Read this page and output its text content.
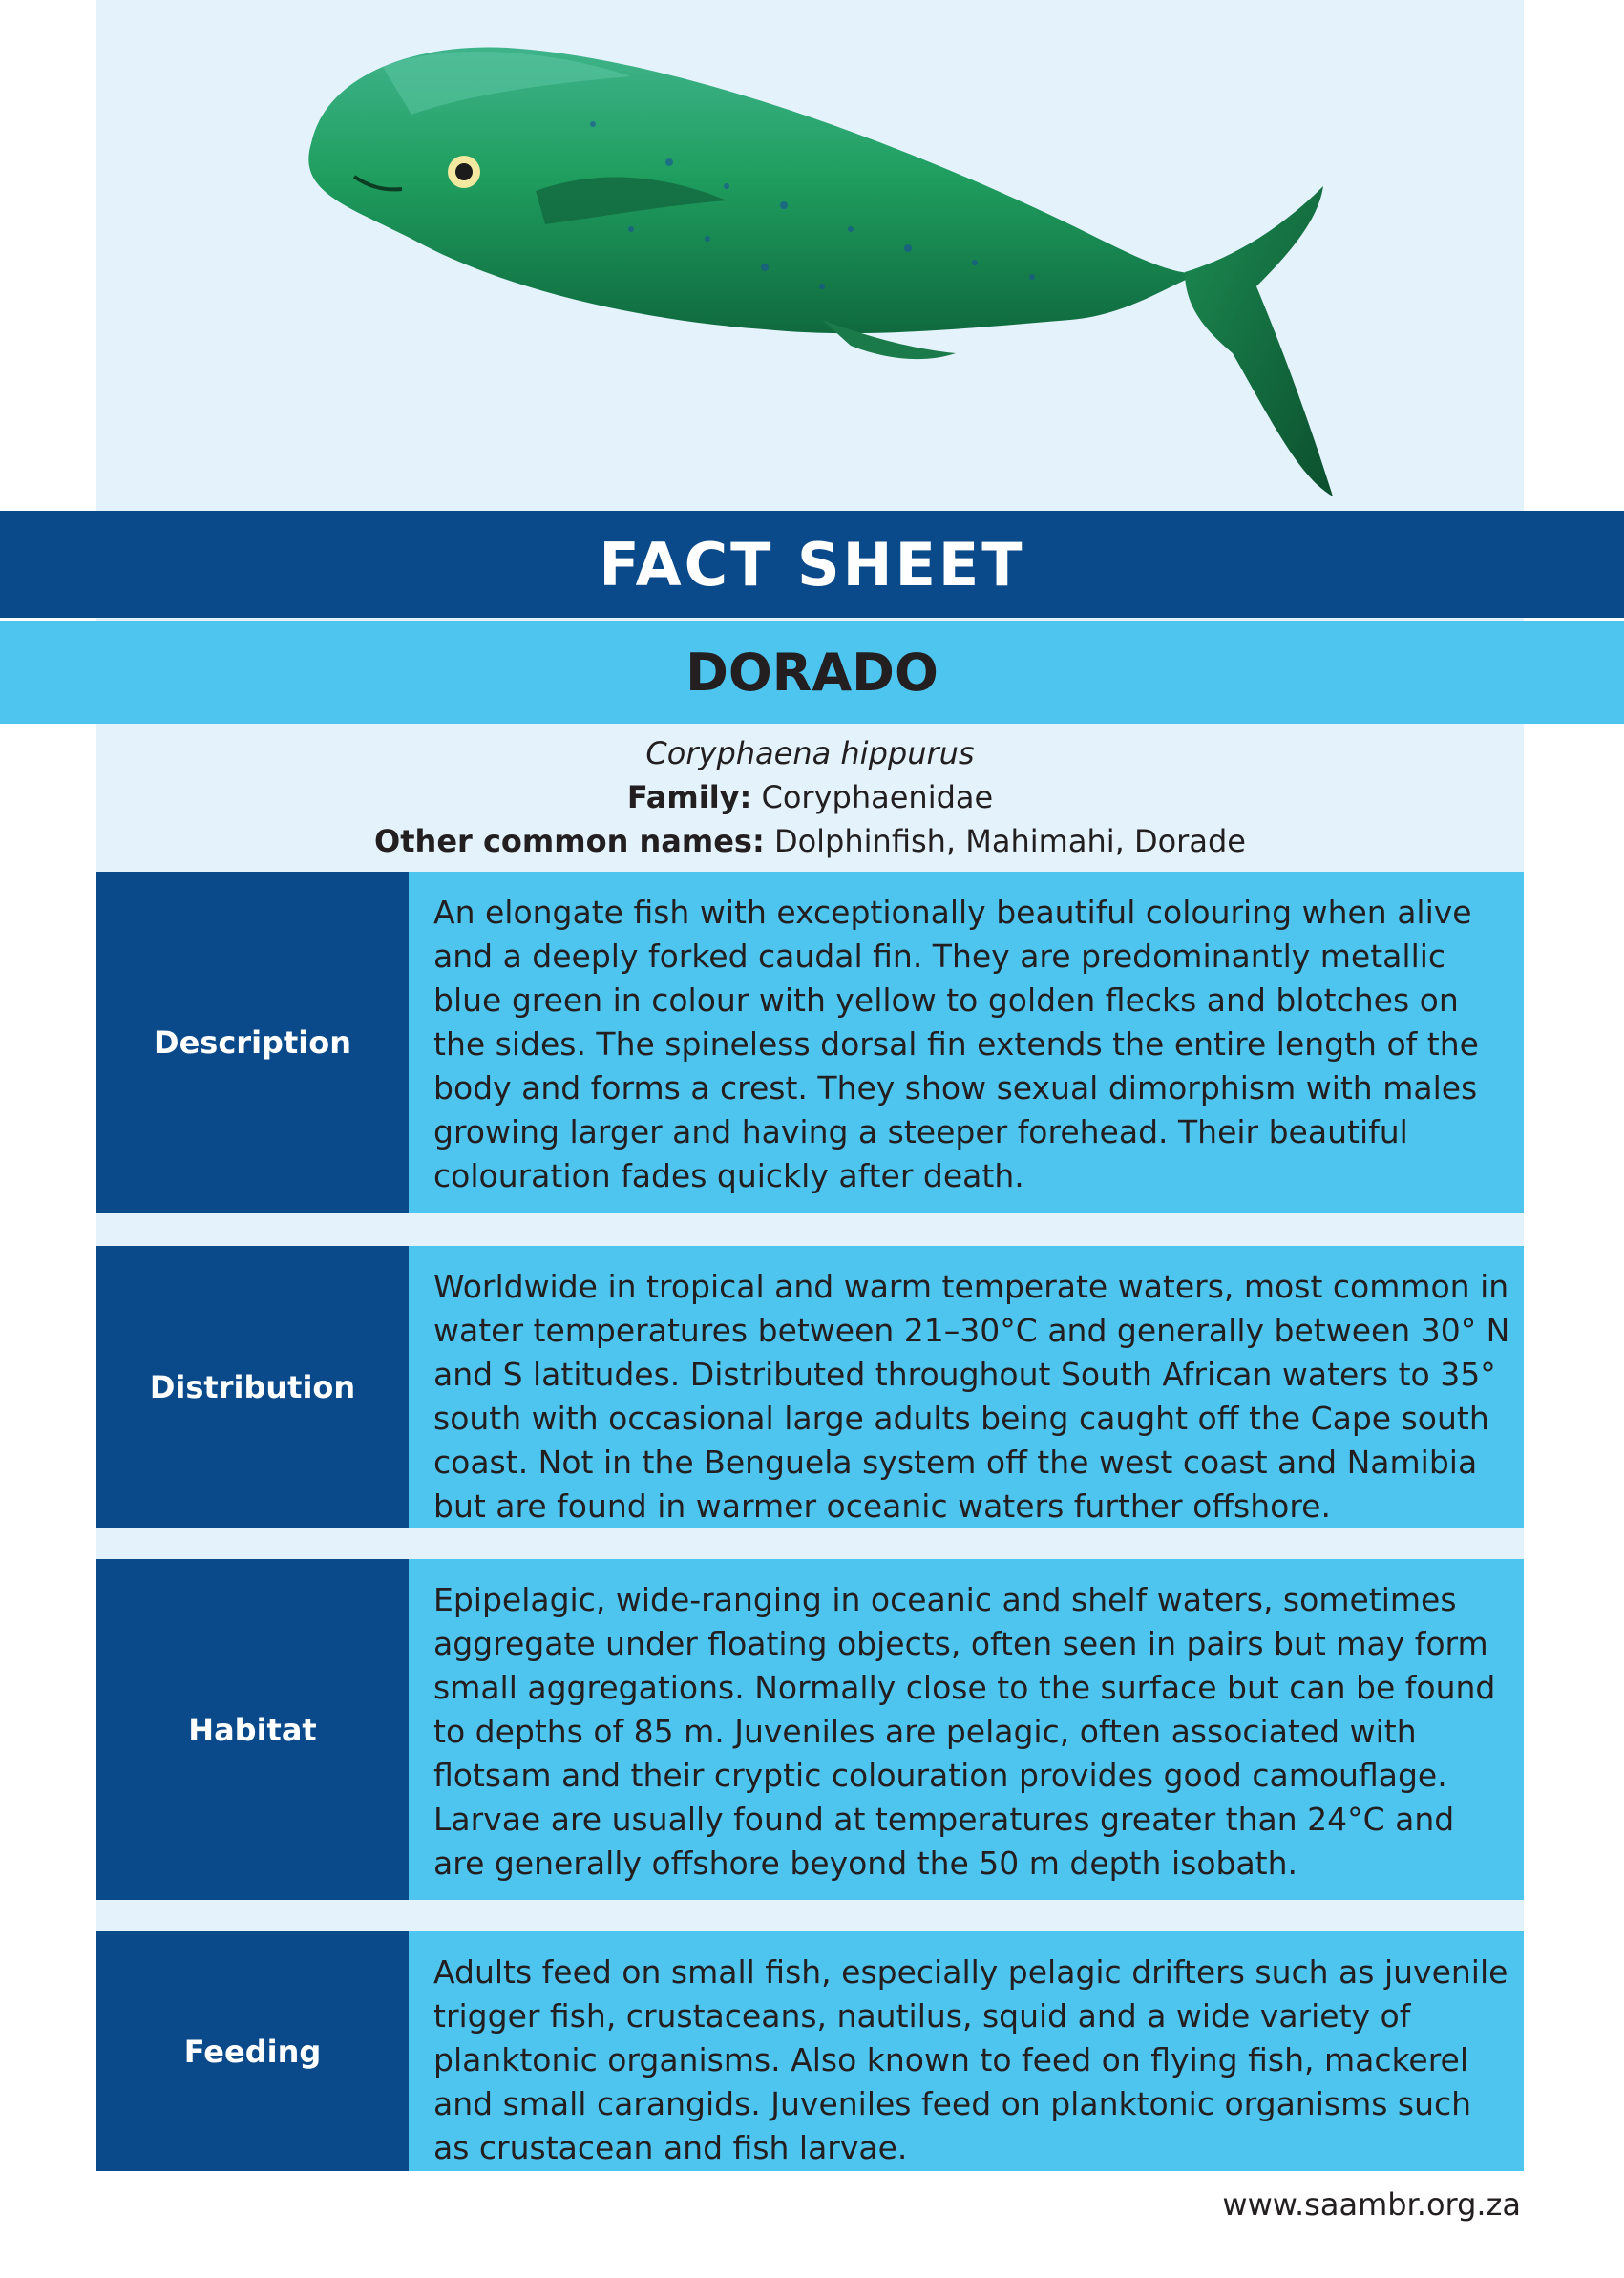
FACT SHEET
DORADO
Coryphaena hippurus
Family: Coryphaenidae
Other common names: Dolphinfish, Mahimahi, Dorade
Description
An elongate fish with exceptionally beautiful colouring when alive and a deeply forked caudal fin. They are predominantly metallic blue green in colour with yellow to golden flecks and blotches on the sides. The spineless dorsal fin extends the entire length of the body and forms a crest. They show sexual dimorphism with males growing larger and having a steeper forehead. Their beautiful colouration fades quickly after death.
Distribution
Worldwide in tropical and warm temperate waters, most common in water temperatures between 21–30°C and generally between 30° N and S latitudes. Distributed throughout South African waters to 35° south with occasional large adults being caught off the Cape south coast. Not in the Benguela system off the west coast and Namibia but are found in warmer oceanic waters further offshore.
Habitat
Epipelagic, wide-ranging in oceanic and shelf waters, sometimes aggregate under floating objects, often seen in pairs but may form small aggregations. Normally close to the surface but can be found to depths of 85 m. Juveniles are pelagic, often associated with flotsam and their cryptic colouration provides good camouflage. Larvae are usually found at temperatures greater than 24°C and are generally offshore beyond the 50 m depth isobath.
Feeding
Adults feed on small fish, especially pelagic drifters such as juvenile trigger fish, crustaceans, nautilus, squid and a wide variety of planktonic organisms. Also known to feed on flying fish, mackerel and small carangids. Juveniles feed on planktonic organisms such as crustacean and fish larvae.
www.saambr.org.za
